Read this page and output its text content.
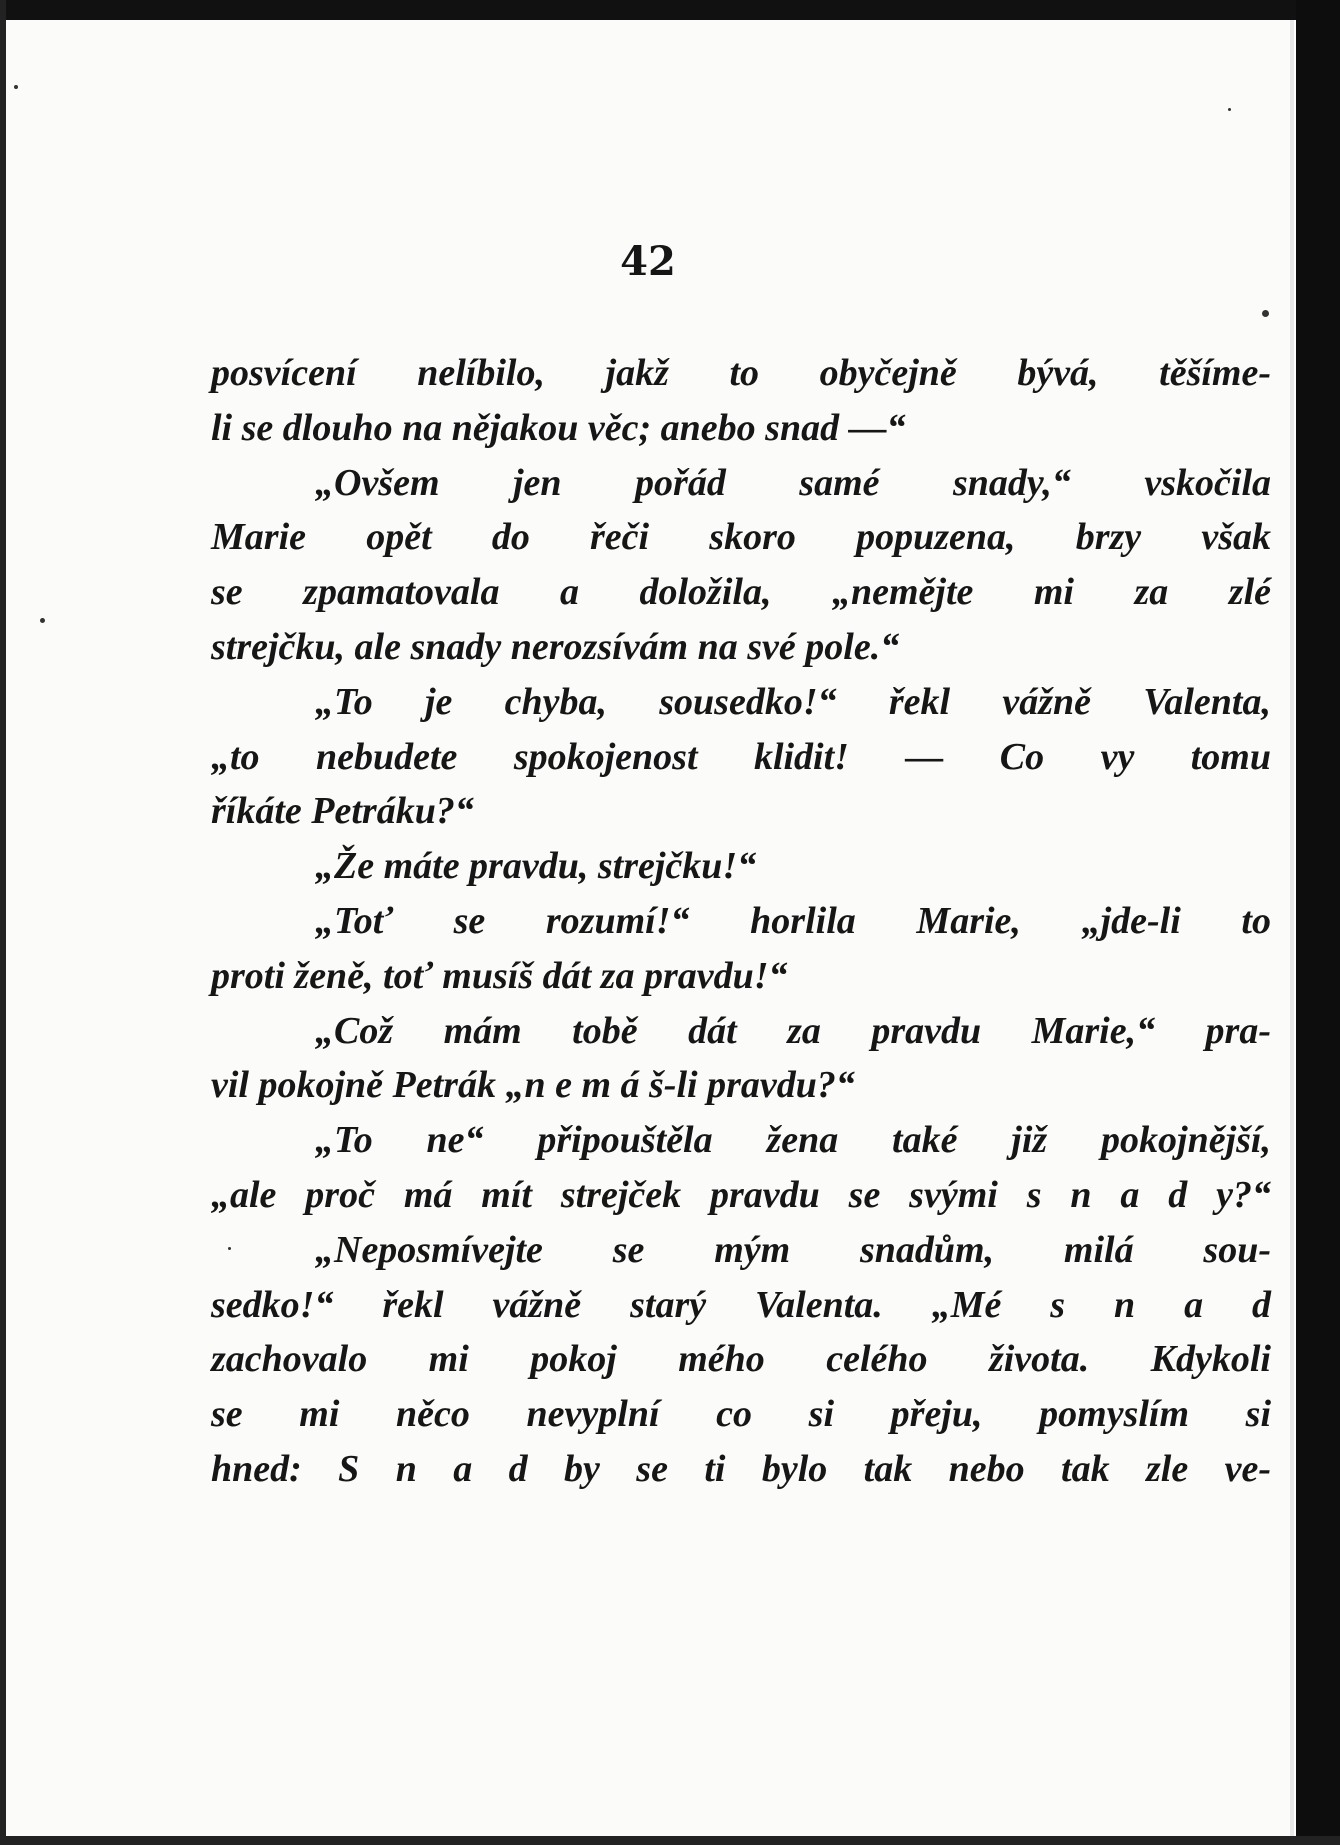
42
posvícení nelíbilo, jakž to obyčejně bývá, těšíme-
li se dlouho na nějakou věc; anebo snad —“
„Ovšem jen pořád samé snady,“ vskočila
Marie opět do řeči skoro popuzena, brzy však
se zpamatovala a doložila, „nemějte mi za zlé
strejčku, ale snady nerozsívám na své pole.“
„To je chyba, sousedko!“ řekl vážně Valenta,
„to nebudete spokojenost klidit! — Co vy tomu
říkáte Petráku?“
„Že máte pravdu, strejčku!“
„Toť se rozumí!“ horlila Marie, „jde-li to
proti ženě, toť musíš dát za pravdu!“
„Což mám tobě dát za pravdu Marie,“ pra-
vil pokojně Petrák „n e m á š-li pravdu?“
„To ne“ připouštěla žena také již pokojnější,
„ale proč má mít strejček pravdu se svými s n a d y?“
„Neposmívejte se mým snadům, milá sou-
sedko!“ řekl vážně starý Valenta. „Mé s n a d
zachovalo mi pokoj mého celého života. Kdykoli
se mi něco nevyplní co si přeju, pomyslím si
hned: S n a d by se ti bylo tak nebo tak zle ve-
